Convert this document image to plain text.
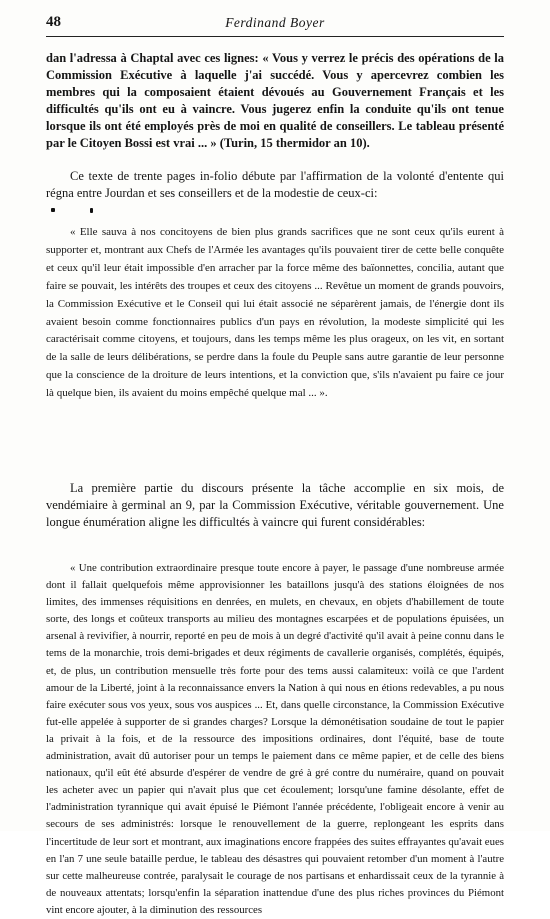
48	Ferdinand Boyer

dan l'adressa à Chaptal avec ces lignes: « Vous y verrez le précis des opérations de la Commission Exécutive à laquelle j'ai succédé. Vous y apercevrez combien les membres qui la composaient étaient dévoués au Gouvernement Français et les difficultés qu'ils ont eu à vaincre. Vous jugerez enfin la conduite qu'ils ont tenue lorsque ils ont été employés près de moi en qualité de conseillers. Le tableau présenté par le Citoyen Bossi est vrai ... » (Turin, 15 thermidor an 10).

Ce texte de trente pages in-folio débute par l'affirmation de la volonté d'entente qui régna entre Jourdan et ses conseillers et de la modestie de ceux-ci:

« Elle sauva à nos concitoyens de bien plus grands sacrifices que ne sont ceux qu'ils eurent à supporter et, montrant aux Chefs de l'Armée les avantages qu'ils pouvaient tirer de cette belle conquête et ceux qu'il leur était impossible d'en arracher par la force même des baïonnettes, concilia, autant que faire se pouvait, les intérêts des troupes et ceux des citoyens ... Revêtue un moment de grands pouvoirs, la Commission Exécutive et le Conseil qui lui était associé ne séparèrent jamais, de l'énergie dont ils avaient besoin comme fonctionnaires publics d'un pays en révolution, la modeste simplicité qui les caractérisait comme citoyens, et toujours, dans les temps même les plus orageux, on les vit, en sortant de la salle de leurs délibérations, se perdre dans la foule du Peuple sans autre garantie de leur personne que la conscience de la droiture de leurs intentions, et la conviction que, s'ils n'avaient pu faire ce jour là quelque bien, ils avaient du moins empêché quelque mal ... ».

La première partie du discours présente la tâche accomplie en six mois, de vendémiaire à germinal an 9, par la Commission Exécutive, véritable gouvernement. Une longue énumération aligne les difficultés à vaincre qui furent considérables:

« Une contribution extraordinaire presque toute encore à payer, le passage d'une nombreuse armée dont il fallait quelquefois même approvisionner les bataillons jusqu'à des stations éloignées de nos limites, des immenses réquisitions en denrées, en mulets, en chevaux, en objets d'habillement de toute sorte, des longs et coûteux transports au milieu des montagnes escarpées et de populations épuisées, un arsenal à revivifier, à nourrir, reporté en peu de mois à un degré d'activité qu'il avait à peine connu dans le tems de la monarchie, trois demi-brigades et deux régiments de cavallerie organisés, complétés, équipés, et, de plus, un contribution mensuelle très forte pour des tems aussi calamiteux: voilà ce que l'ardent amour de la Liberté, joint à la reconnaissance envers la Nation à qui nous en étions redevables, a pu nous faire exécuter sous vos yeux, sous vos auspices ... Et, dans quelle circonstance, la Commission Exécutive fut-elle appelée à supporter de si grandes charges? Lorsque la démonétisation soudaine de tout le papier la privait à la fois, et de la ressource des impositions ordinaires, dont l'équité, base de toute administration, avait dû autoriser pour un temps le paiement dans ce même papier, et de celle des biens nationaux, qu'il eût été absurde d'espérer de vendre de gré à gré contre du numéraire, quand on pouvait les acheter avec un papier qui n'avait plus que cet écoulement; lorsqu'une famine désolante, effet de l'administration tyrannique qui avait épuisé le Piémont l'année précédente, l'obligeait encore à venir au secours de ses administrés: lorsque le renouvellement de la guerre, replongeant les esprits dans l'incertitude de leur sort et montrant, aux imaginations encore frappées des suites effrayantes qu'avait eues en l'an 7 une seule bataille perdue, le tableau des désastres qui pouvaient retomber d'un moment à l'autre sur cette malheureuse contrée, paralysait le courage de nos partisans et enhardissait ceux de la tyrannie à de nouveaux attentats; lorsqu'enfin la séparation inattendue d'une des plus riches provinces du Piémont vint encore ajouter, à la diminution des ressources
